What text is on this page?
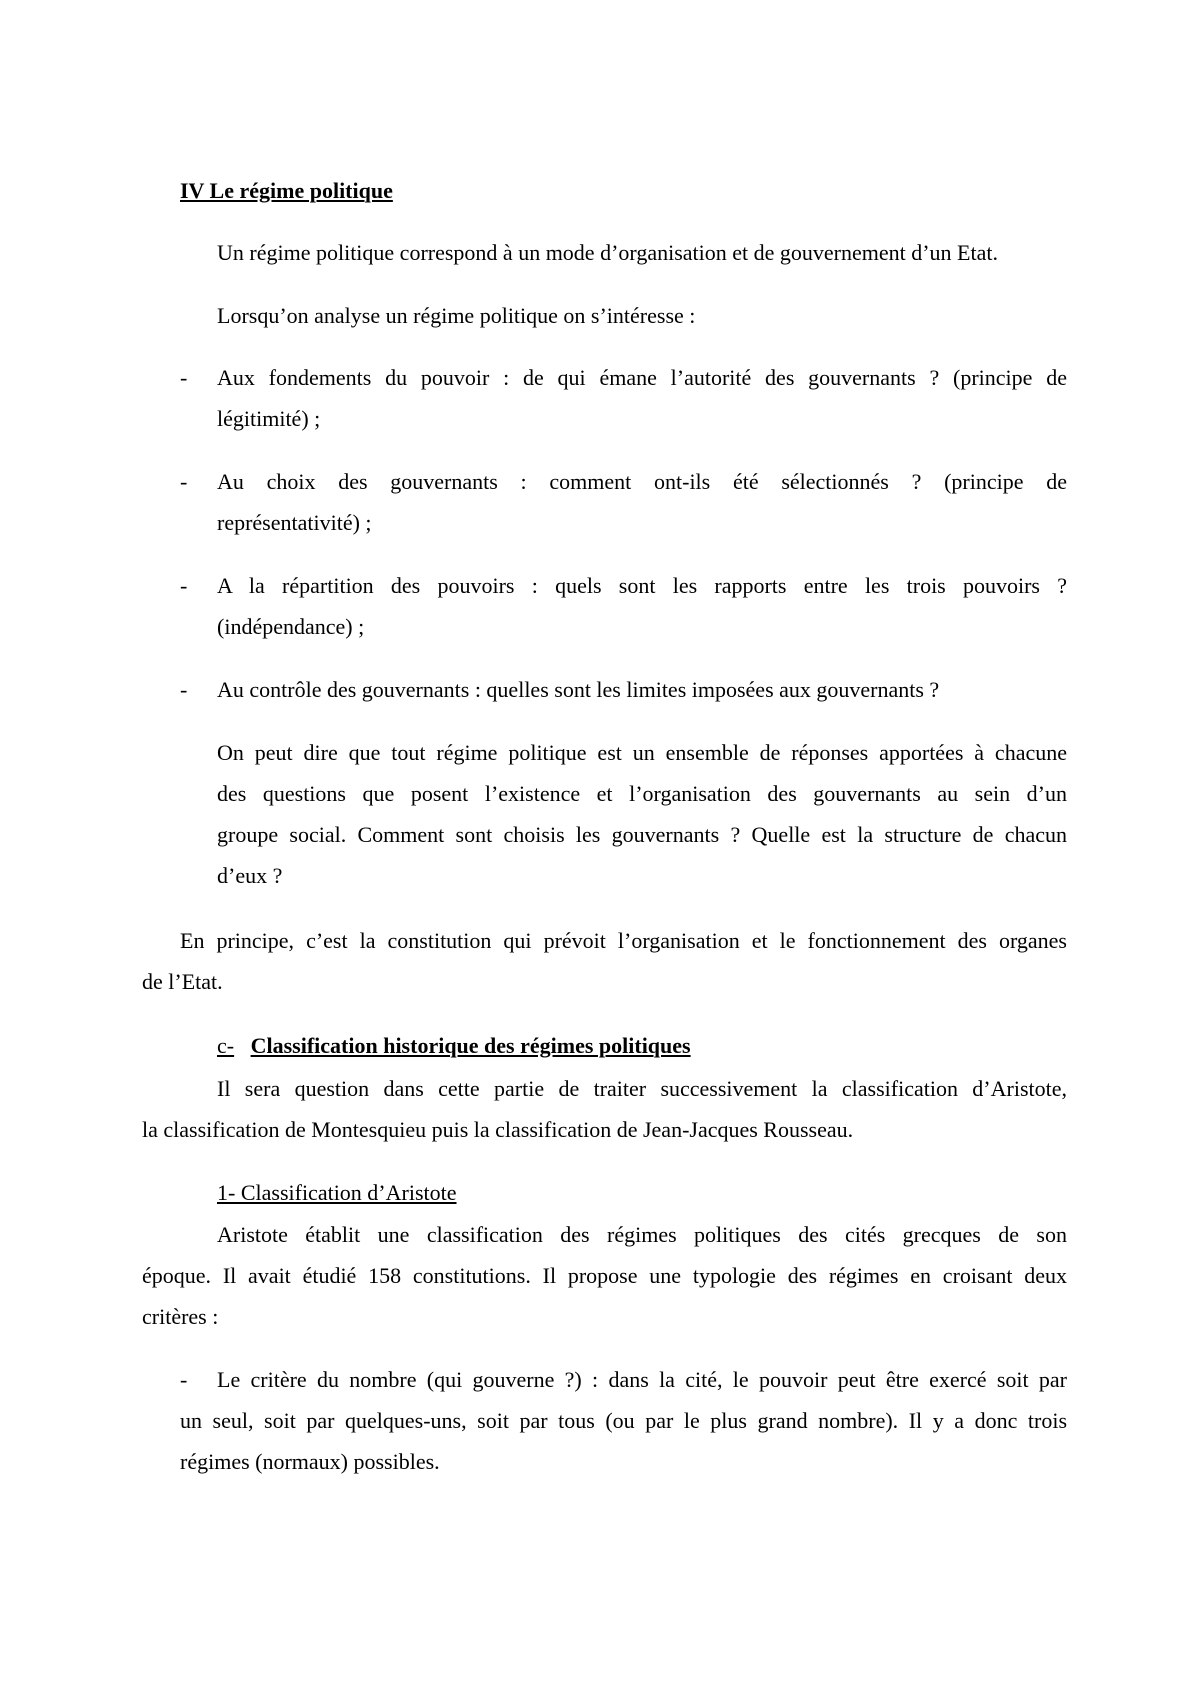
IV Le régime politique
Un régime politique correspond à un mode d’organisation et de gouvernement d’un Etat.
Lorsqu’on analyse un régime politique on s’intéresse :
- Aux fondements du pouvoir : de qui émane l’autorité des gouvernants ? (principe de
légitimité) ;
- Au choix des gouvernants : comment ont-ils été sélectionnés ? (principe de
représentativité) ;
- A la répartition des pouvoirs : quels sont les rapports entre les trois pouvoirs ?
(indépendance) ;
- Au contrôle des gouvernants : quelles sont les limites imposées aux gouvernants ?
On peut dire que tout régime politique est un ensemble de réponses apportées à chacune
des questions que posent l’existence et l’organisation des gouvernants au sein d’un
groupe social. Comment sont choisis les gouvernants ? Quelle est la structure de chacun
d’eux ?
En principe, c’est la constitution qui prévoit l’organisation et le fonctionnement des organes
de l’Etat.
c- Classification historique des régimes politiques
Il sera question dans cette partie de traiter successivement la classification d’Aristote,
la classification de Montesquieu puis la classification de Jean-Jacques Rousseau.
1- Classification d’Aristote
Aristote établit une classification des régimes politiques des cités grecques de son
époque. Il avait étudié 158 constitutions. Il propose une typologie des régimes en croisant deux
critères :
-	Le critère du nombre (qui gouverne ?) : dans la cité, le pouvoir peut être exercé soit par
un seul, soit par quelques-uns, soit par tous (ou par le plus grand nombre). Il y a donc trois
régimes (normaux) possibles.
